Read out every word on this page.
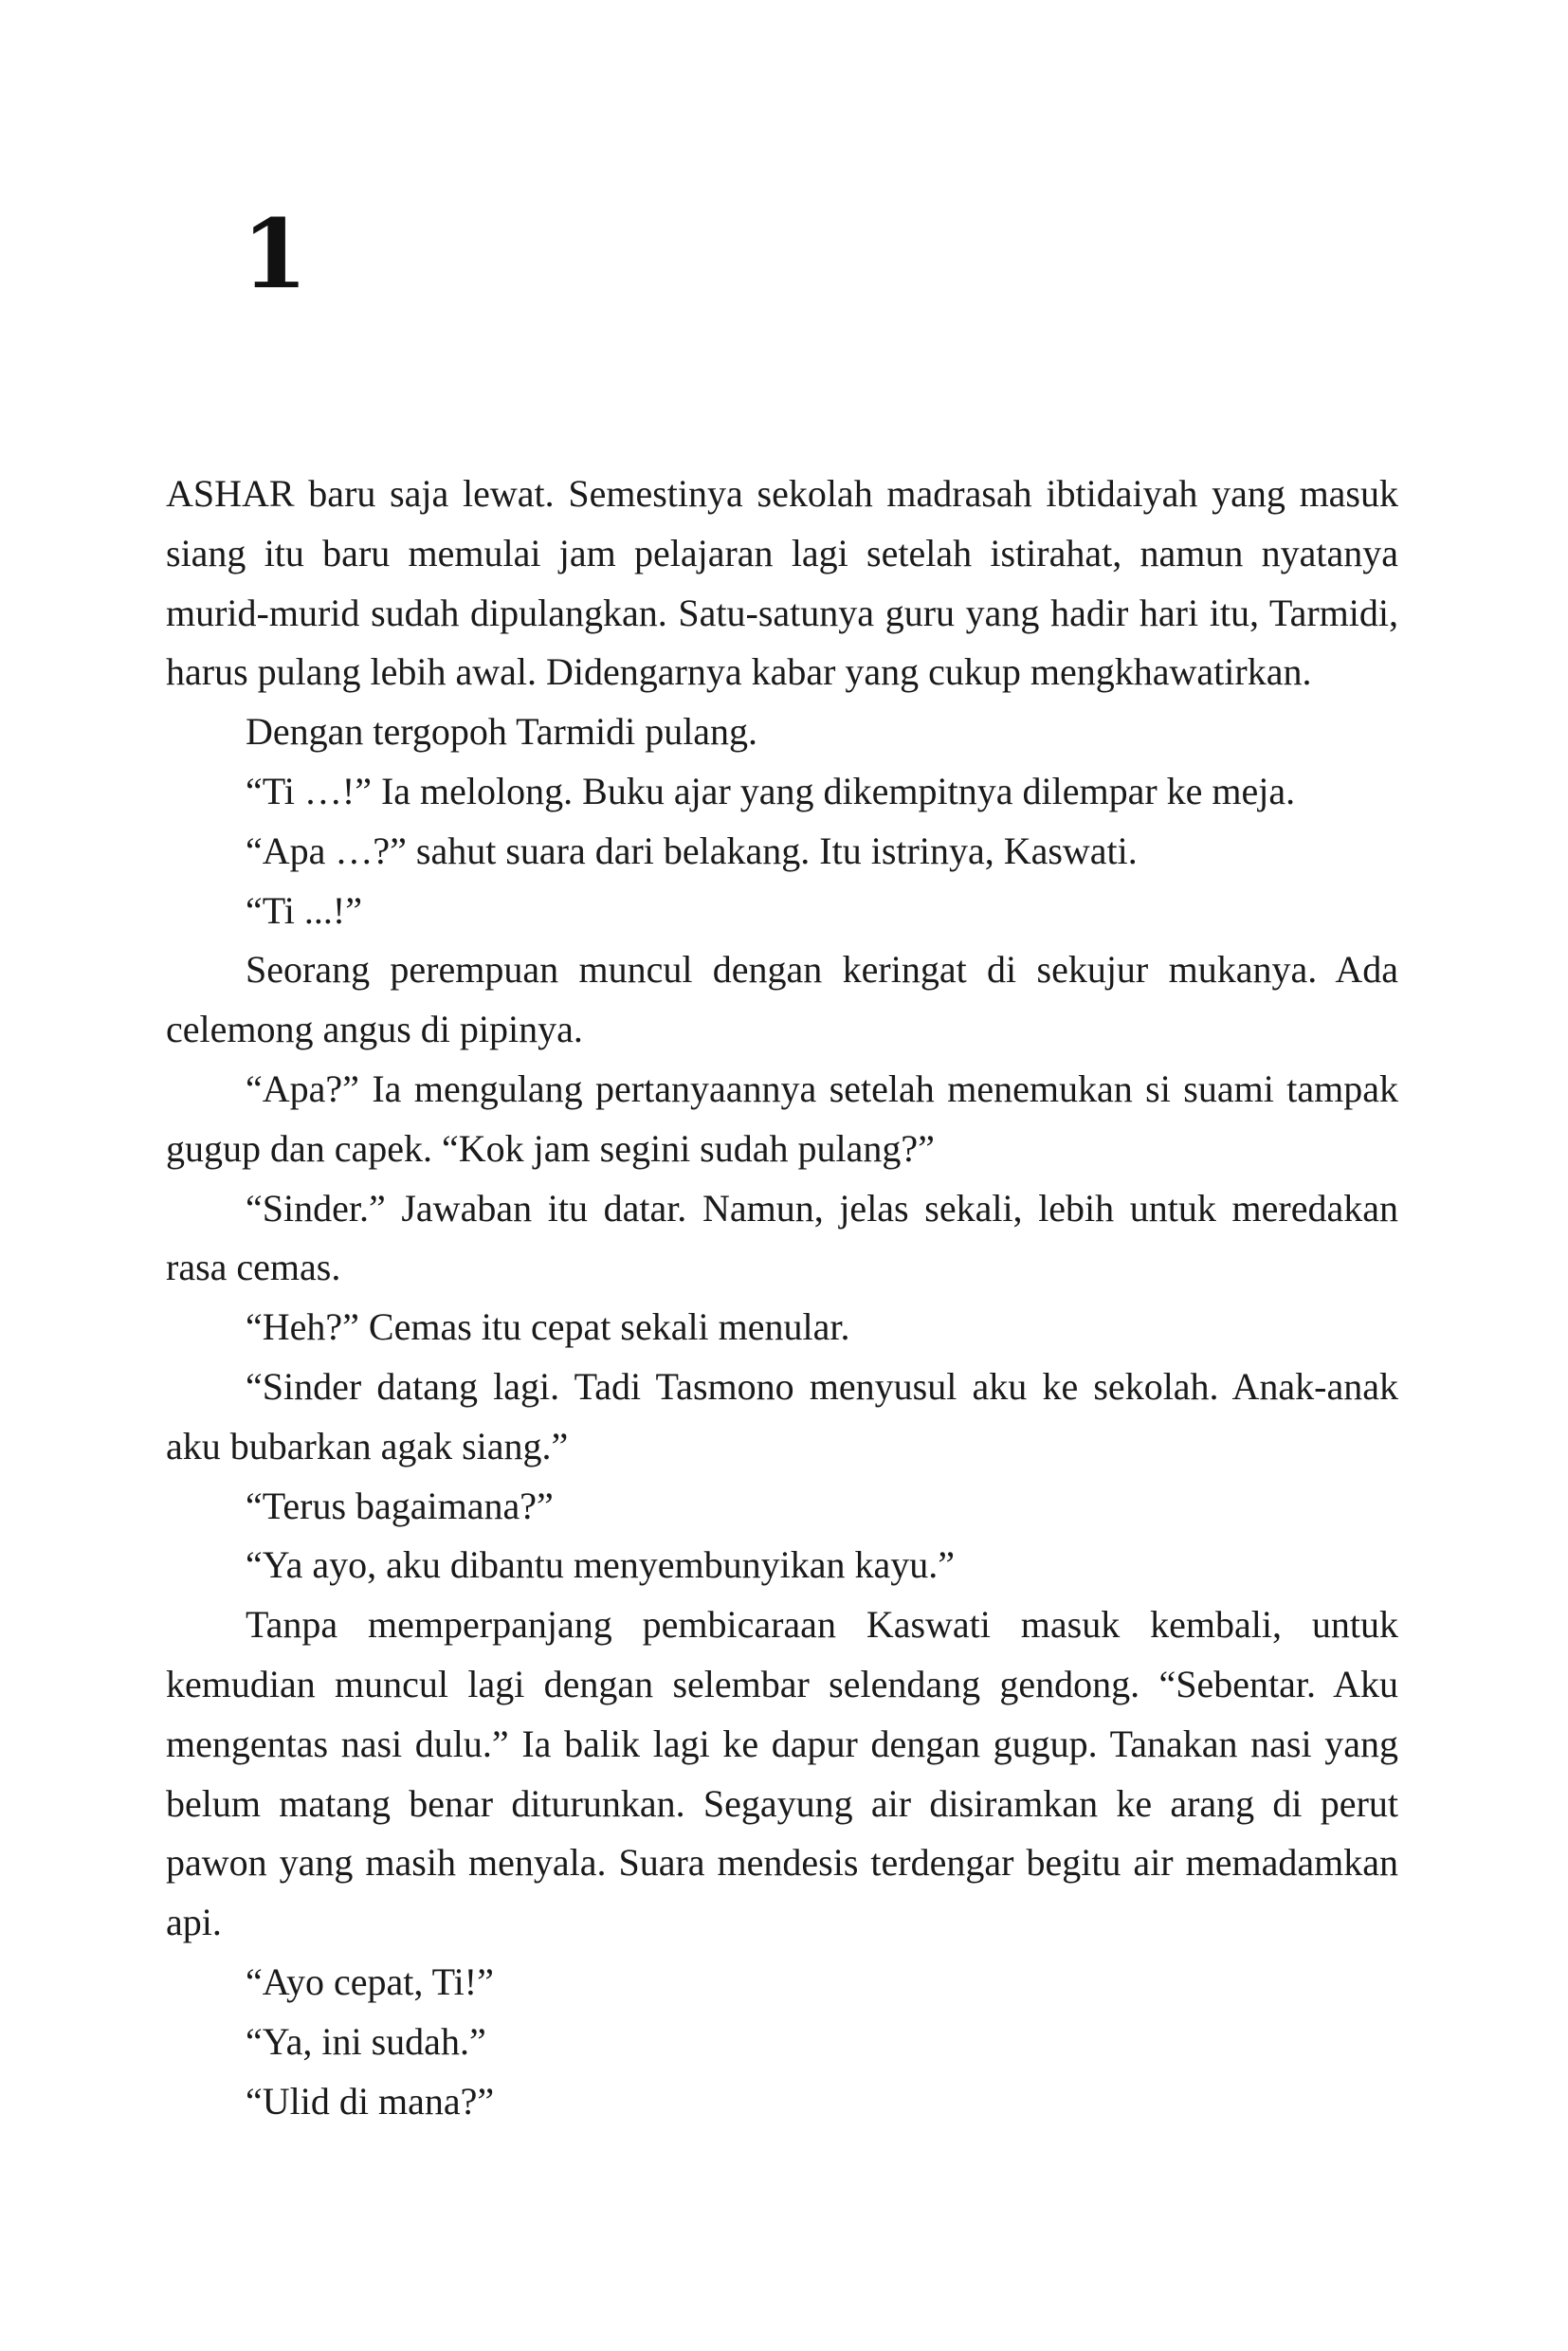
1

ASHAR baru saja lewat. Semestinya sekolah madrasah ibtidaiyah yang masuk siang itu baru memulai jam pelajaran lagi setelah istirahat, namun nyatanya murid-murid sudah dipulangkan. Satu-satunya guru yang hadir hari itu, Tarmidi, harus pulang lebih awal. Didengarnya kabar yang cukup mengkhawatirkan.

Dengan tergopoh Tarmidi pulang.

“Ti …!” Ia melolong. Buku ajar yang dikempitnya dilempar ke meja.

“Apa …?” sahut suara dari belakang. Itu istrinya, Kaswati.

“Ti ...!”

Seorang perempuan muncul dengan keringat di sekujur mukanya. Ada celemong angus di pipinya.

“Apa?” Ia mengulang pertanyaannya setelah menemukan si suami tampak gugup dan capek. “Kok jam segini sudah pulang?”

“Sinder.” Jawaban itu datar. Namun, jelas sekali, lebih untuk meredakan rasa cemas.

“Heh?” Cemas itu cepat sekali menular.

“Sinder datang lagi. Tadi Tasmono menyusul aku ke sekolah. Anak-anak aku bubarkan agak siang.”

“Terus bagaimana?”

“Ya ayo, aku dibantu menyembunyikan kayu.”

Tanpa memperpanjang pembicaraan Kaswati masuk kembali, untuk kemudian muncul lagi dengan selembar selendang gendong. “Sebentar. Aku mengentas nasi dulu.” Ia balik lagi ke dapur dengan gugup. Tanakan nasi yang belum matang benar diturunkan. Segayung air disiramkan ke arang di perut pawon yang masih menyala. Suara mendesis terdengar begitu air memadamkan api.

“Ayo cepat, Ti!”

“Ya, ini sudah.”

“Ulid di mana?”
